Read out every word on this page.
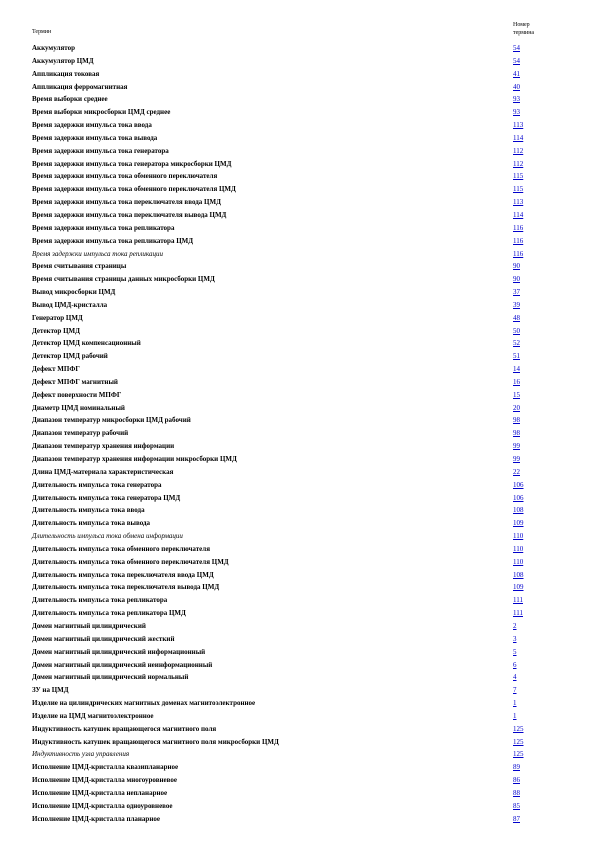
Термин
Номер
термина
Аккумулятор	54
Аккумулятор ЦМД	54
Аппликация токовая	41
Аппликация ферромагнитная	40
Время выборки среднее	93
Время выборки микросборки ЦМД среднее	93
Время задержки импульса тока ввода	113
Время задержки импульса тока вывода	114
Время задержки импульса тока генератора	112
Время задержки импульса тока генератора микросборки ЦМД	112
Время задержки импульса тока обменного переключателя	115
Время задержки импульса тока обменного переключателя ЦМД	115
Время задержки импульса тока переключателя ввода ЦМД	113
Время задержки импульса тока переключателя вывода ЦМД	114
Время задержки импульса тока репликатора	116
Время задержки импульса тока репликатора ЦМД	116
Время задержки импульса тока репликации	116
Время считывания страницы	90
Время считывания страницы данных микросборки ЦМД	90
Вывод микросборки ЦМД	37
Вывод ЦМД-кристалла	39
Генератор ЦМД	48
Детектор ЦМД	50
Детектор ЦМД компенсационный	52
Детектор ЦМД рабочий	51
Дефект МПФГ	14
Дефект МПФГ магнитный	16
Дефект поверхности МПФГ	15
Диаметр ЦМД номинальный	20
Диапазон температур микросборки ЦМД рабочий	98
Диапазон температур рабочий	98
Диапазон температур хранения информации	99
Диапазон температур хранения информации микросборки ЦМД	99
Длина ЦМД-материала характеристическая	22
Длительность импульса тока генератора	106
Длительность импульса тока генератора ЦМД	106
Длительность импульса тока ввода	108
Длительность импульса тока вывода	109
Длительность импульса тока обмена информации	110
Длительность импульса тока обменного переключателя	110
Длительность импульса тока обменного переключателя ЦМД	110
Длительность импульса тока переключателя ввода ЦМД	108
Длительность импульса тока переключателя вывода ЦМД	109
Длительность импульса тока репликатора	111
Длительность импульса тока репликатора ЦМД	111
Домен магнитный цилиндрический	2
Домен магнитный цилиндрический жесткий	3
Домен магнитный цилиндрический информационный	5
Домен магнитный цилиндрический неинформационный	6
Домен магнитный цилиндрический нормальный	4
ЗУ на ЦМД	7
Изделие на цилиндрических магнитных доменах магнитоэлектронное	1
Изделие на ЦМД магнитоэлектронное	1
Индуктивность катушек вращающегося магнитного поля	125
Индуктивность катушек вращающегося магнитного поля микросборки ЦМД	125
Индуктивность узла управления	125
Исполнение ЦМД-кристалла квазипланарное	89
Исполнение ЦМД-кристалла многоуровневое	86
Исполнение ЦМД-кристалла непланарное	88
Исполнение ЦМД-кристалла одноуровневое	85
Исполнение ЦМД-кристалла планарное	87
